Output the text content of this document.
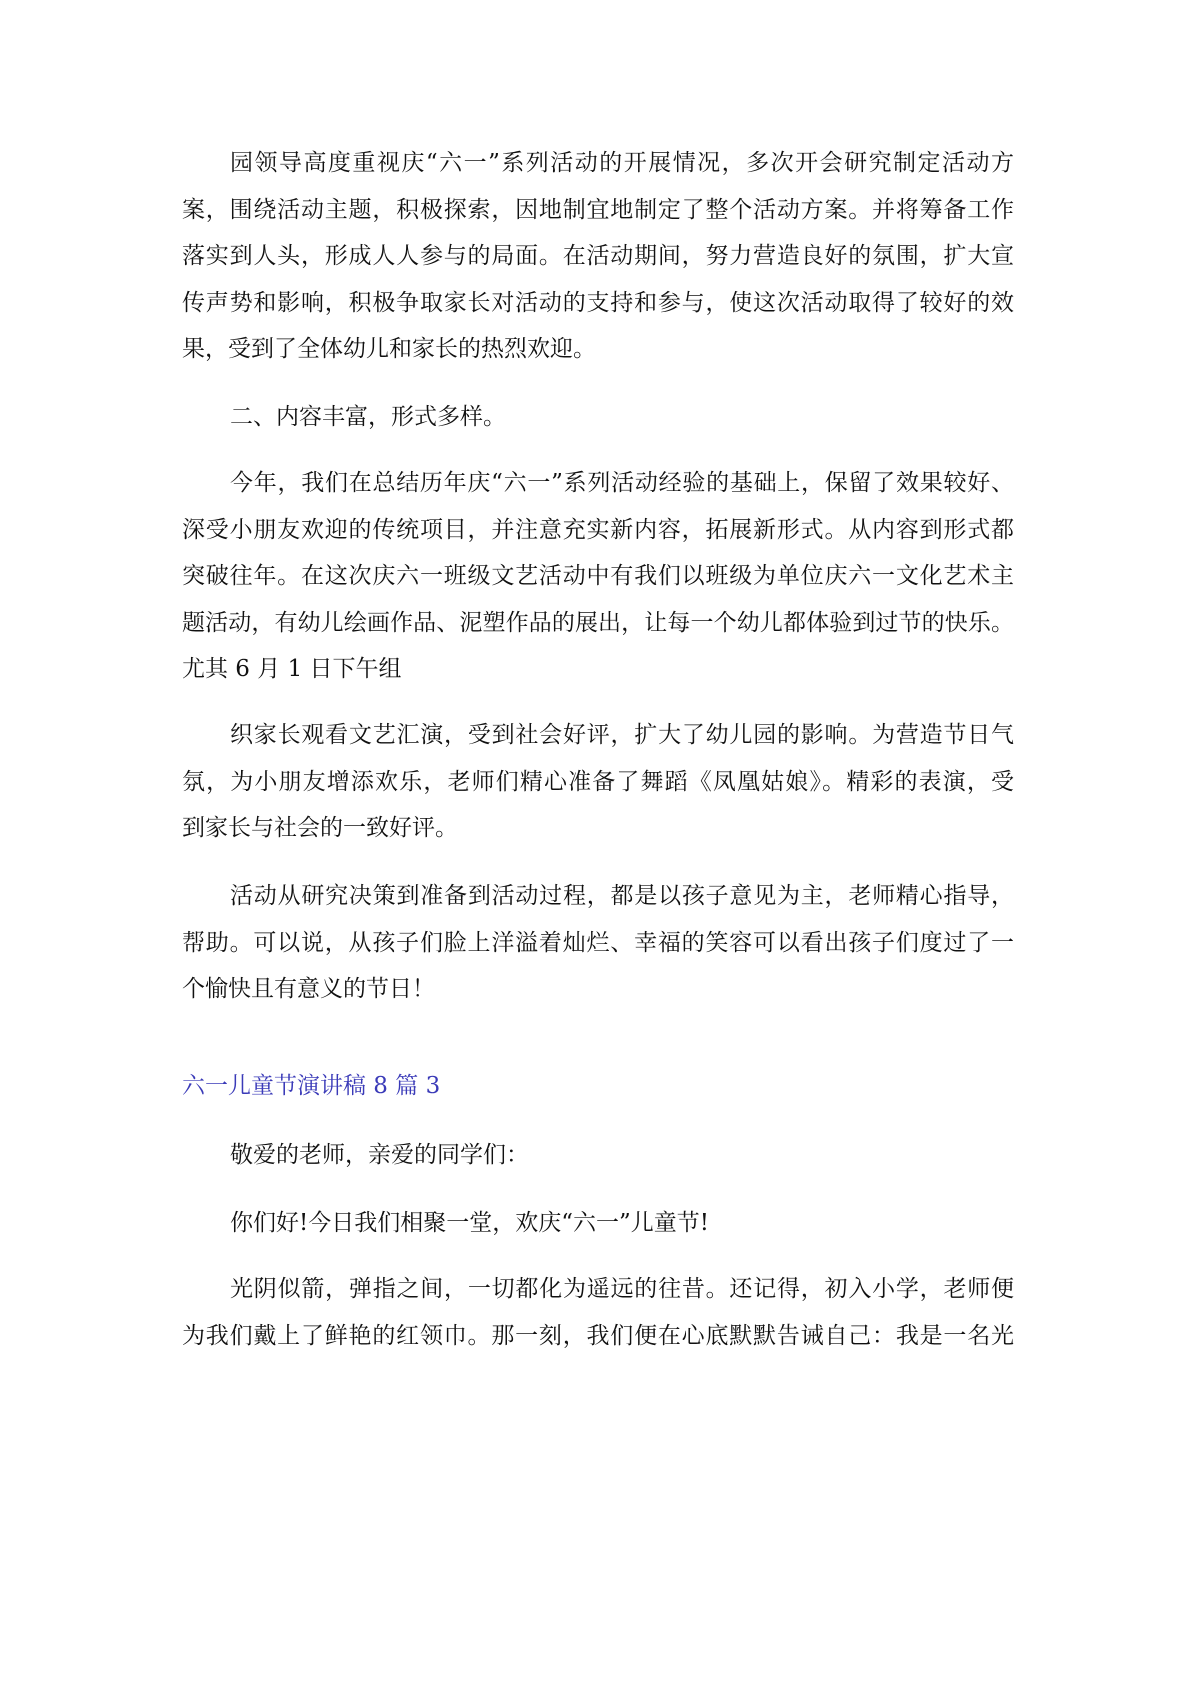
园领导高度重视庆“六一”系列活动的开展情况，多次开会研究制定活动方
案，围绕活动主题，积极探索，因地制宜地制定了整个活动方案。并将筹备工作
落实到人头，形成人人参与的局面。在活动期间，努力营造良好的氛围，扩大宣
传声势和影响，积极争取家长对活动的支持和参与，使这次活动取得了较好的效
果，受到了全体幼儿和家长的热烈欢迎。
二、内容丰富，形式多样。
今年，我们在总结历年庆“六一”系列活动经验的基础上，保留了效果较好、
深受小朋友欢迎的传统项目，并注意充实新内容，拓展新形式。从内容到形式都
突破往年。在这次庆六一班级文艺活动中有我们以班级为单位庆六一文化艺术主
题活动，有幼儿绘画作品、泥塑作品的展出，让每一个幼儿都体验到过节的快乐。
尤其 6 月 1 日下午组
织家长观看文艺汇演，受到社会好评，扩大了幼儿园的影响。为营造节日气
氛，为小朋友增添欢乐，老师们精心准备了舞蹈《凤凰姑娘》。精彩的表演，受
到家长与社会的一致好评。
活动从研究决策到准备到活动过程，都是以孩子意见为主，老师精心指导，
帮助。可以说，从孩子们脸上洋溢着灿烂、幸福的笑容可以看出孩子们度过了一
个愉快且有意义的节日！
六一儿童节演讲稿 8 篇 3
敬爱的老师，亲爱的同学们：
你们好!今日我们相聚一堂，欢庆“六一”儿童节!
光阴似箭，弹指之间，一切都化为遥远的往昔。还记得，初入小学，老师便
为我们戴上了鲜艳的红领巾。那一刻，我们便在心底默默告诫自己：我是一名光
